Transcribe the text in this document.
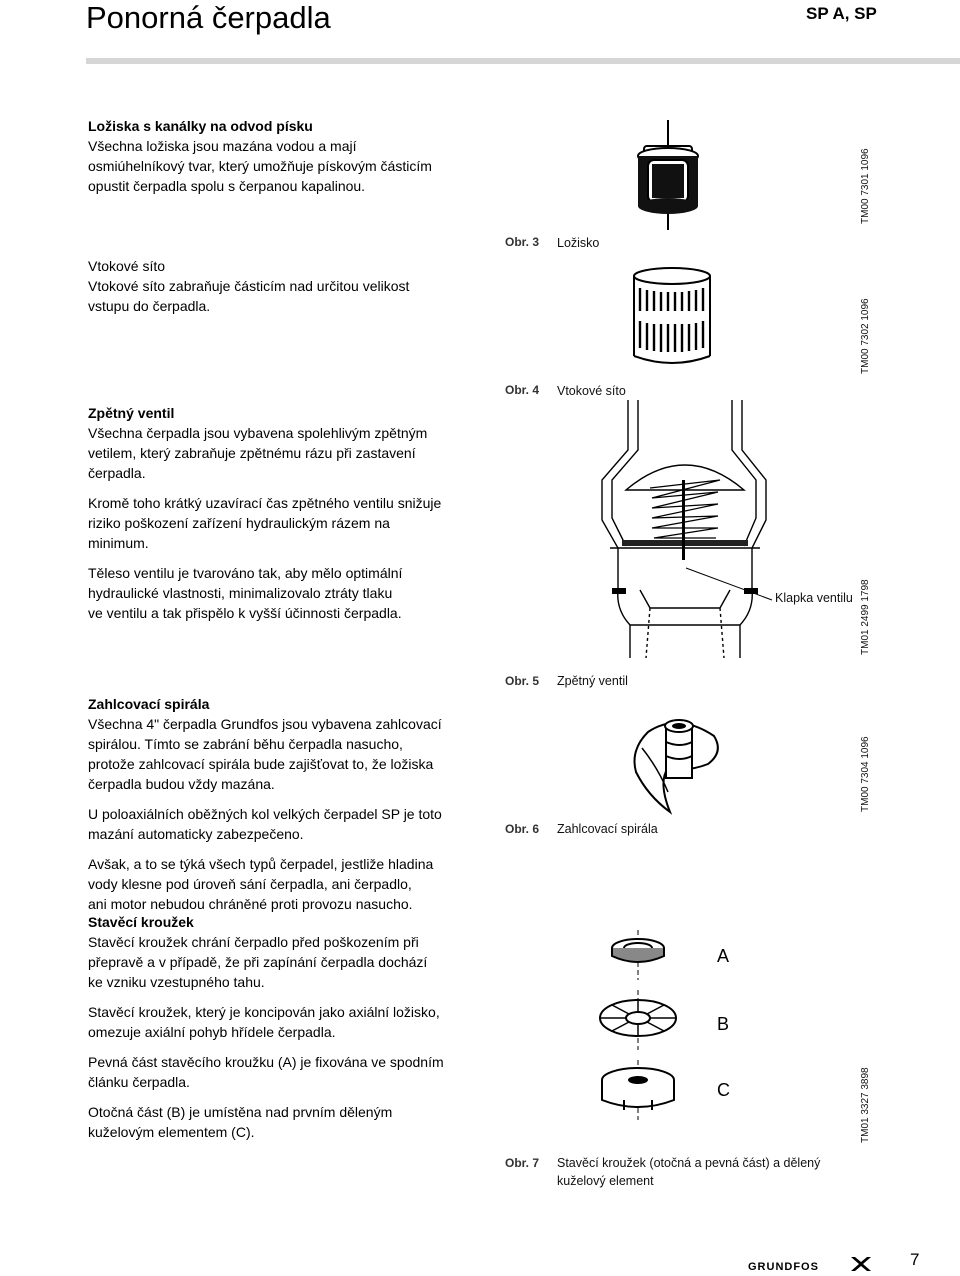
Ponorná čerpadla	SP A, SP
Ložiska s kanálky na odvod písku
Všechna ložiska jsou mazána vodou a mají
osmiúhelníkový tvar, který umožňuje pískovým částicím
opustit čerpadla spolu s čerpanou kapalinou.
Vtokové síto
Vtokové síto zabraňuje částicím nad určitou velikost
vstupu do čerpadla.
Zpětný ventil
Všechna čerpadla jsou vybavena spolehlivým zpětným
vetilem, který zabraňuje zpětnému rázu při zastavení
čerpadla.
Kromě toho krátký uzavírací čas zpětného ventilu snižuje
riziko poškození zařízení hydraulickým rázem na
minimum.
Těleso ventilu je tvarováno tak, aby mělo optimální
hydraulické vlastnosti, minimalizovalo ztráty tlaku
ve ventilu a tak přispělo k vyšší účinnosti čerpadla.
Zahlcovací spirála
Všechna 4" čerpadla Grundfos jsou vybavena zahlcovací
spirálou. Tímto se zabrání běhu čerpadla nasucho,
protože zahlcovací spirála bude zajišťovat to, že ložiska
čerpadla budou vždy mazána.
U poloaxiálních oběžných kol velkých čerpadel SP je toto
mazání automaticky zabezpečeno.
Avšak, a to se týká všech typů čerpadel, jestliže hladina
vody klesne pod úroveň sání čerpadla, ani čerpadlo,
ani motor nebudou chráněné proti provozu nasucho.
Stavěcí kroužek
Stavěcí kroužek chrání čerpadlo před poškozením při
přepravě a v případě, že při zapínání čerpadla dochází
ke vzniku vzestupného tahu.
Stavěcí kroužek, který je koncipován jako axiální ložisko,
omezuje axiální pohyb hřídele čerpadla.
Pevná část stavěcího kroužku (A) je fixována ve spodním
článku čerpadla.
Otočná část (B) je umístěna nad prvním děleným
kuželovým elementem (C).
Obr. 3 Ložisko
TM00 7301 1096
Obr. 4 Vtokové síto
TM00 7302 1096
Klapka ventilu
Obr. 5 Zpětný ventil
TM01 2499 1798
Obr. 6 Zahlcovací spirála
TM00 7304 1096
A
B
C
Obr. 7 Stavěcí kroužek (otočná a pevná část) a dělený
kuželový element
TM01 3327 3898
GRUNDFOS	7
